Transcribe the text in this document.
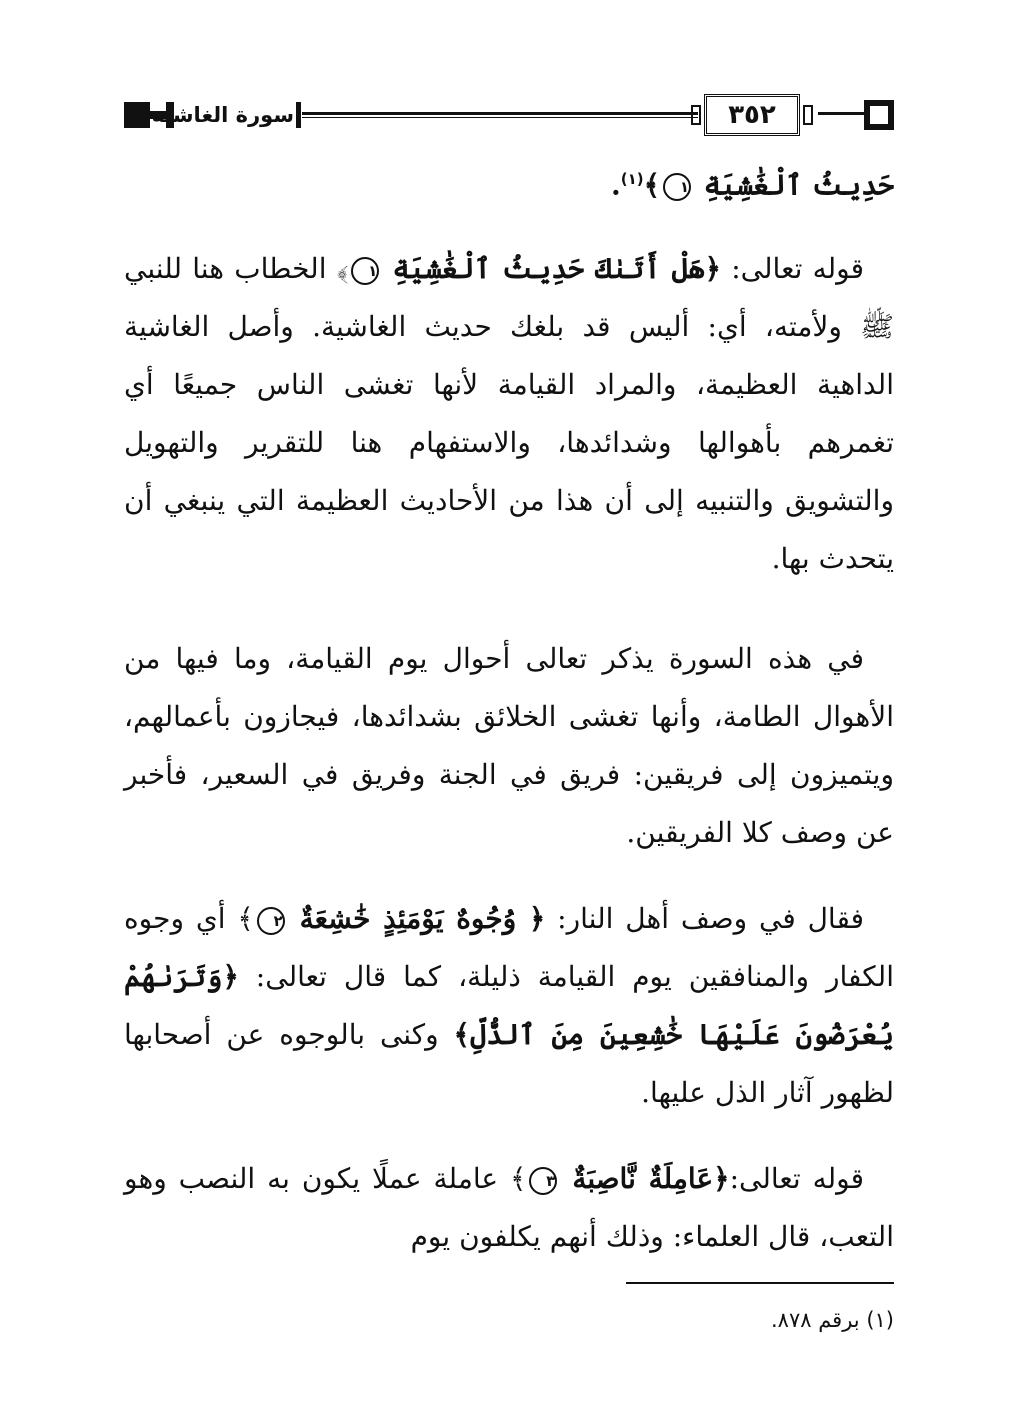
سورة الغاشية	٣٥٢

حَدِيثُ ٱلْغَٰشِيَةِ ١﴾$^{(١)}$.

قوله تعالى: ﴿هَلْ أَتَىٰكَ حَدِيثُ ٱلْغَٰشِيَةِ ١﴾ الخطاب هنا للنبي ﷺ ولأمته، أي: أليس قد بلغك حديث الغاشية. وأصل الغاشية الداهية العظيمة، والمراد القيامة لأنها تغشى الناس جميعًا أي تغمرهم بأهوالها وشدائدها، والاستفهام هنا للتقرير والتهويل والتشويق والتنبيه إلى أن هذا من الأحاديث العظيمة التي ينبغي أن يتحدث بها.

في هذه السورة يذكر تعالى أحوال يوم القيامة، وما فيها من الأهوال الطامة، وأنها تغشى الخلائق بشدائدها، فيجازون بأعمالهم، ويتميزون إلى فريقين: فريق في الجنة وفريق في السعير، فأخبر عن وصف كلا الفريقين.

فقال في وصف أهل النار: ﴿ وُجُوهٌ يَوْمَئِذٍ خَٰشِعَةٌ ٢﴾ أي وجوه الكفار والمنافقين يوم القيامة ذليلة، كما قال تعالى: ﴿وَتَرَىٰهُمْ يُعْرَضُونَ عَلَيْهَا خَٰشِعِينَ مِنَ ٱلذُّلِّ﴾ وكنى بالوجوه عن أصحابها لظهور آثار الذل عليها.

قوله تعالى:﴿عَامِلَةٌ نَّاصِبَةٌ ٣﴾ عاملة عملًا يكون به النصب وهو التعب، قال العلماء: وذلك أنهم يكلفون يوم

(١) برقم ٨٧٨.
